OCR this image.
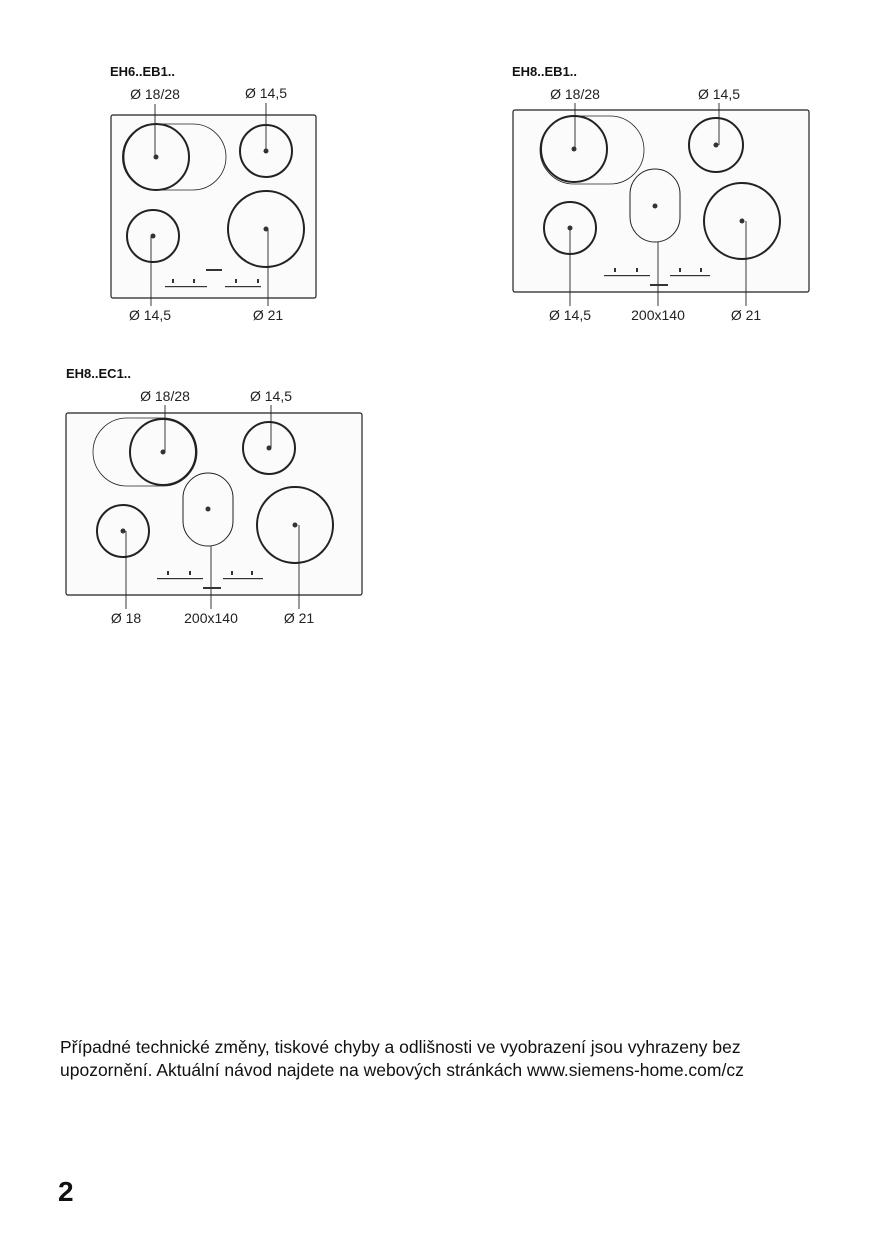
EH6..EB1..
Ø 18/28	Ø 14,5
Ø 14,5	Ø 21
EH8..EB1..
Ø 18/28	Ø 14,5
Ø 14,5	200x140	Ø 21
EH8..EC1..
Ø 18/28	Ø 14,5
Ø 18	200x140	Ø 21

Případné technické změny, tiskové chyby a odlišnosti ve vyobrazení jsou vyhrazeny bez

upozornění. Aktuální návod najdete na webových stránkách www.siemens-home.com/cz

2
